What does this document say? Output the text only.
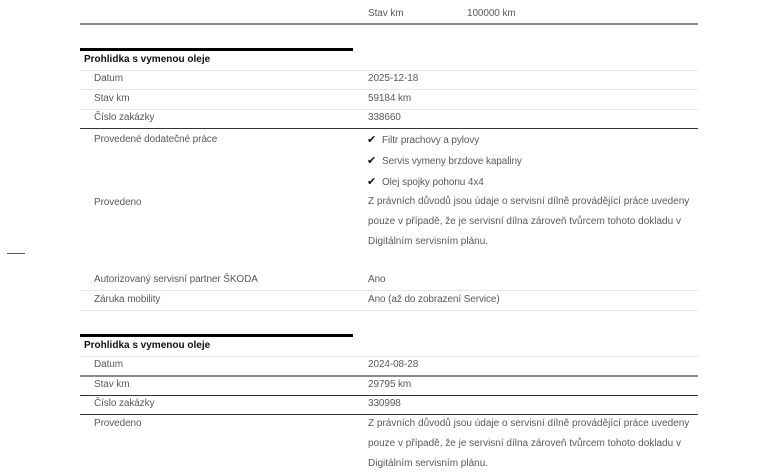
Stav km	100000 km
Prohlidka s vymenou oleje
Datum	2025-12-18
Stav km	59184 km
Číslo zakázky	338660
Provedené dodatečné práce	✔ Filtr prachovy a pylovy
✔ Servis vymeny brzdove kapaliny
✔ Olej spojky pohonu 4x4
Provedeno	Z právních důvodů jsou údaje o servisní dílně provádějící práce uvedeny pouze v případě, že je servisní dílna zároveň tvůrcem tohoto dokladu v Digitálním servisním plánu.
Autorizovaný servisní partner ŠKODA	Ano
Záruka mobility	Ano (až do zobrazení Service)
Prohlidka s vymenou oleje
Datum	2024-08-28
Stav km	29795 km
Číslo zakázky	330998
Provedeno	Z právních důvodů jsou údaje o servisní dílně provádějící práce uvedeny pouze v případě, že je servisní dílna zároveň tvůrcem tohoto dokladu v Digitálním servisním plánu.
